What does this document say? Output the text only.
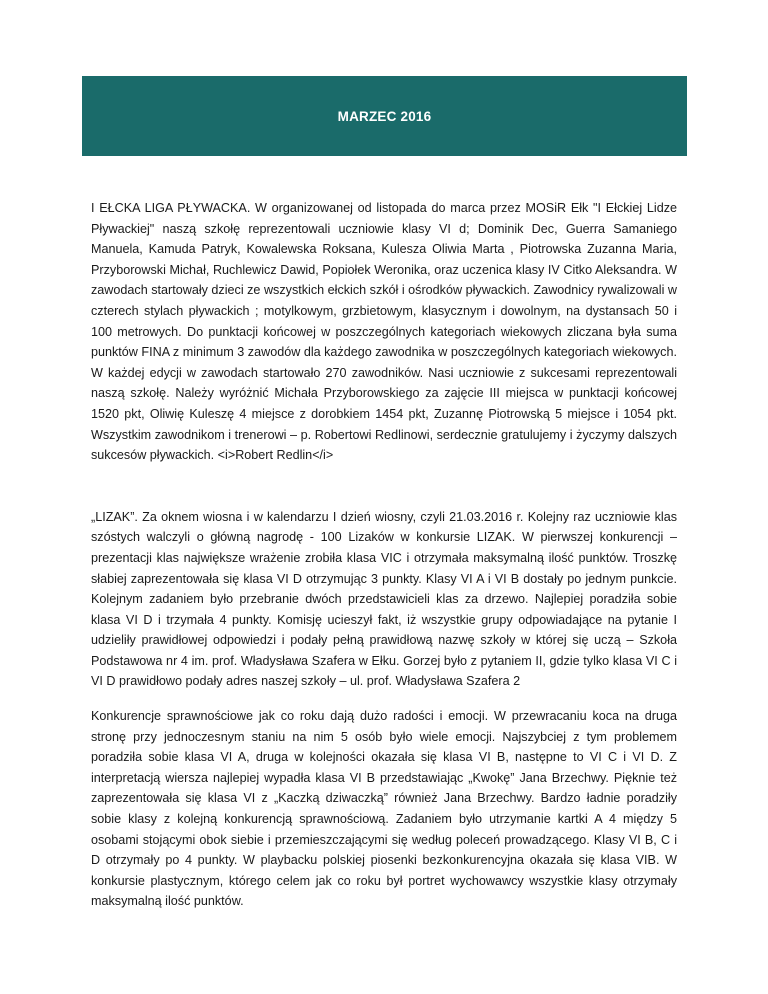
MARZEC 2016

I EŁCKA LIGA PŁYWACKA. W organizowanej od listopada do marca przez MOSiR Ełk "I Ełckiej Lidze Pływackiej" naszą szkołę reprezentowali uczniowie klasy VI d; Dominik Dec, Guerra Samaniego Manuela, Kamuda Patryk, Kowalewska Roksana, Kulesza Oliwia Marta , Piotrowska Zuzanna Maria, Przyborowski Michał, Ruchlewicz Dawid, Popiołek Weronika, oraz uczenica klasy IV Citko Aleksandra. W zawodach startowały dzieci ze wszystkich ełckich szkół i ośrodków pływackich. Zawodnicy rywalizowali w czterech stylach pływackich ; motylkowym, grzbietowym, klasycznym i dowolnym, na dystansach 50 i 100 metrowych. Do punktacji końcowej w poszczególnych kategoriach wiekowych zliczana była suma punktów FINA z minimum 3 zawodów dla każdego zawodnika w poszczególnych kategoriach wiekowych. W każdej edycji w zawodach startowało 270 zawodników. Nasi uczniowie z sukcesami reprezentowali naszą szkołę. Należy wyróżnić Michała Przyborowskiego za zajęcie III miejsca w punktacji końcowej 1520 pkt, Oliwię Kuleszę 4 miejsce z dorobkiem 1454 pkt, Zuzannę Piotrowską 5 miejsce i 1054 pkt. Wszystkim zawodnikom i trenerowi – p. Robertowi Redlinowi, serdecznie gratulujemy i życzymy dalszych sukcesów pływackich. <i>Robert Redlin</i>

„LIZAK”. Za oknem wiosna i w kalendarzu I dzień wiosny, czyli 21.03.2016 r. Kolejny raz uczniowie klas szóstych walczyli o główną nagrodę - 100 Lizaków w konkursie LIZAK. W pierwszej konkurencji – prezentacji klas największe wrażenie zrobiła klasa VIC i otrzymała maksymalną ilość punktów. Troszkę słabiej zaprezentowała się klasa VI D otrzymując 3 punkty. Klasy VI A i VI B dostały po jednym punkcie. Kolejnym zadaniem było przebranie dwóch przedstawicieli klas za drzewo. Najlepiej poradziła sobie klasa VI D i trzymała 4 punkty. Komisję ucieszył fakt, iż wszystkie grupy odpowiadające na pytanie I udzieliły prawidłowej odpowiedzi i podały pełną prawidłową nazwę szkoły w której się uczą – Szkoła Podstawowa nr 4 im. prof. Władysława Szafera w Ełku. Gorzej było z pytaniem II, gdzie tylko klasa VI C i VI D prawidłowo podały adres naszej szkoły – ul. prof. Władysława Szafera 2

Konkurencje sprawnościowe jak co roku dają dużo radości i emocji. W przewracaniu koca na druga stronę przy jednoczesnym staniu na nim 5 osób było wiele emocji. Najszybciej z tym problemem poradziła sobie klasa VI A, druga w kolejności okazała się klasa VI B, następne to VI C i VI D. Z interpretacją wiersza najlepiej wypadła klasa VI B przedstawiając „Kwokę” Jana Brzechwy. Pięknie też zaprezentowała się klasa VI z „Kaczką dziwaczką” również Jana Brzechwy. Bardzo ładnie poradziły sobie klasy z kolejną konkurencją sprawnościową. Zadaniem było utrzymanie kartki A 4 między 5 osobami stojącymi obok siebie i przemieszczającymi się według poleceń prowadzącego. Klasy VI B, C i D otrzymały po 4 punkty. W playbacku polskiej piosenki bezkonkurencyjna okazała się klasa VIB. W konkursie plastycznym, którego celem jak co roku był portret wychowawcy wszystkie klasy otrzymały maksymalną ilość punktów.
